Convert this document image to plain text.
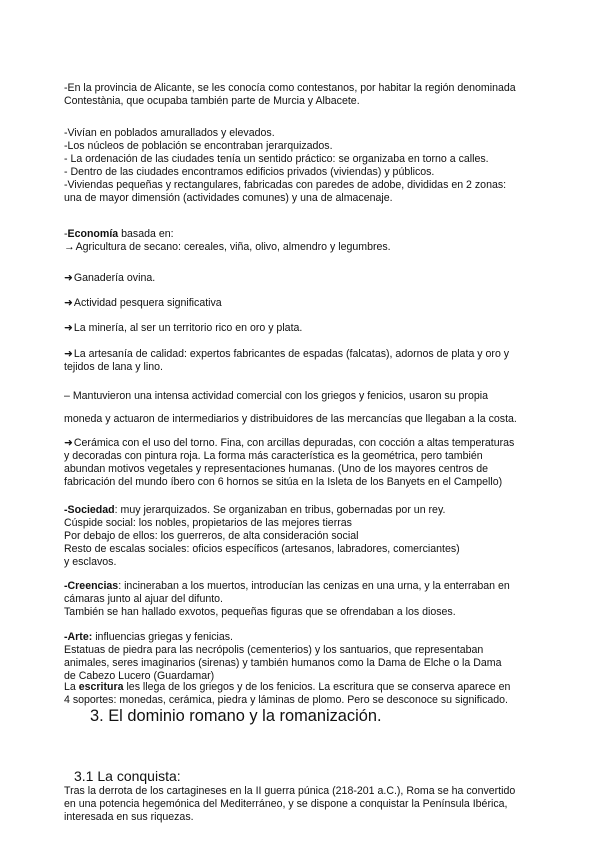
-En la provincia de Alicante, se les conocía como contestanos, por habitar la región denominada

Contestània, que ocupaba también parte de Murcia y Albacete.

-Vivían en poblados amurallados y elevados.

-Los núcleos de población se encontraban jerarquizados.

- La ordenación de las ciudades tenía un sentido práctico: se organizaba en torno a calles.

- Dentro de las ciudades encontramos edificios privados (viviendas) y públicos.

-Viviendas pequeñas y rectangulares, fabricadas con paredes de adobe, divididas en 2 zonas:

una de mayor dimensión (actividades comunes) y una de almacenaje.

-Economía basada en:

→Agricultura de secano: cereales, viña, olivo, almendro y legumbres.

➜Ganadería ovina.

➜Actividad pesquera significativa

➜La minería, al ser un territorio rico en oro y plata.

➜La artesanía de calidad: expertos fabricantes de espadas (falcatas), adornos de plata y oro y

tejidos de lana y lino.

– Mantuvieron una intensa actividad comercial con los griegos y fenicios, usaron su propia

moneda y actuaron de intermediarios y distribuidores de las mercancías que llegaban a la costa.

➜Cerámica con el uso del torno. Fina, con arcillas depuradas, con cocción a altas temperaturas

y decoradas con pintura roja. La forma más característica es la geométrica, pero también

abundan motivos vegetales y representaciones humanas. (Uno de los mayores centros de

fabricación del mundo íbero con 6 hornos se sitúa en la Isleta de los Banyets en el Campello)

-Sociedad: muy jerarquizados. Se organizaban en tribus, gobernadas por un rey.

Cúspide social: los nobles, propietarios de las mejores tierras

Por debajo de ellos: los guerreros, de alta consideración social

Resto de escalas sociales: oficios específicos (artesanos, labradores, comerciantes)

y esclavos.

-Creencias: incineraban a los muertos, introducían las cenizas en una urna, y la enterraban en

cámaras junto al ajuar del difunto.

También se han hallado exvotos, pequeñas figuras que se ofrendaban a los dioses.

-Arte: influencias griegas y fenicias.

Estatuas de piedra para las necrópolis (cementerios) y los santuarios, que representaban

animales, seres imaginarios (sirenas) y también humanos como la Dama de Elche o la Dama

de Cabezo Lucero (Guardamar)

La escritura les llega de los griegos y de los fenicios. La escritura que se conserva aparece en

4 soportes: monedas, cerámica, piedra y láminas de plomo. Pero se desconoce su significado.

3. El dominio romano y la romanización.
3.1 La conquista:

Tras la derrota de los cartagineses en la II guerra púnica (218-201 a.C.), Roma se ha convertido

en una potencia hegemónica del Mediterráneo, y se dispone a conquistar la Península Ibérica,

interesada en sus riquezas.
